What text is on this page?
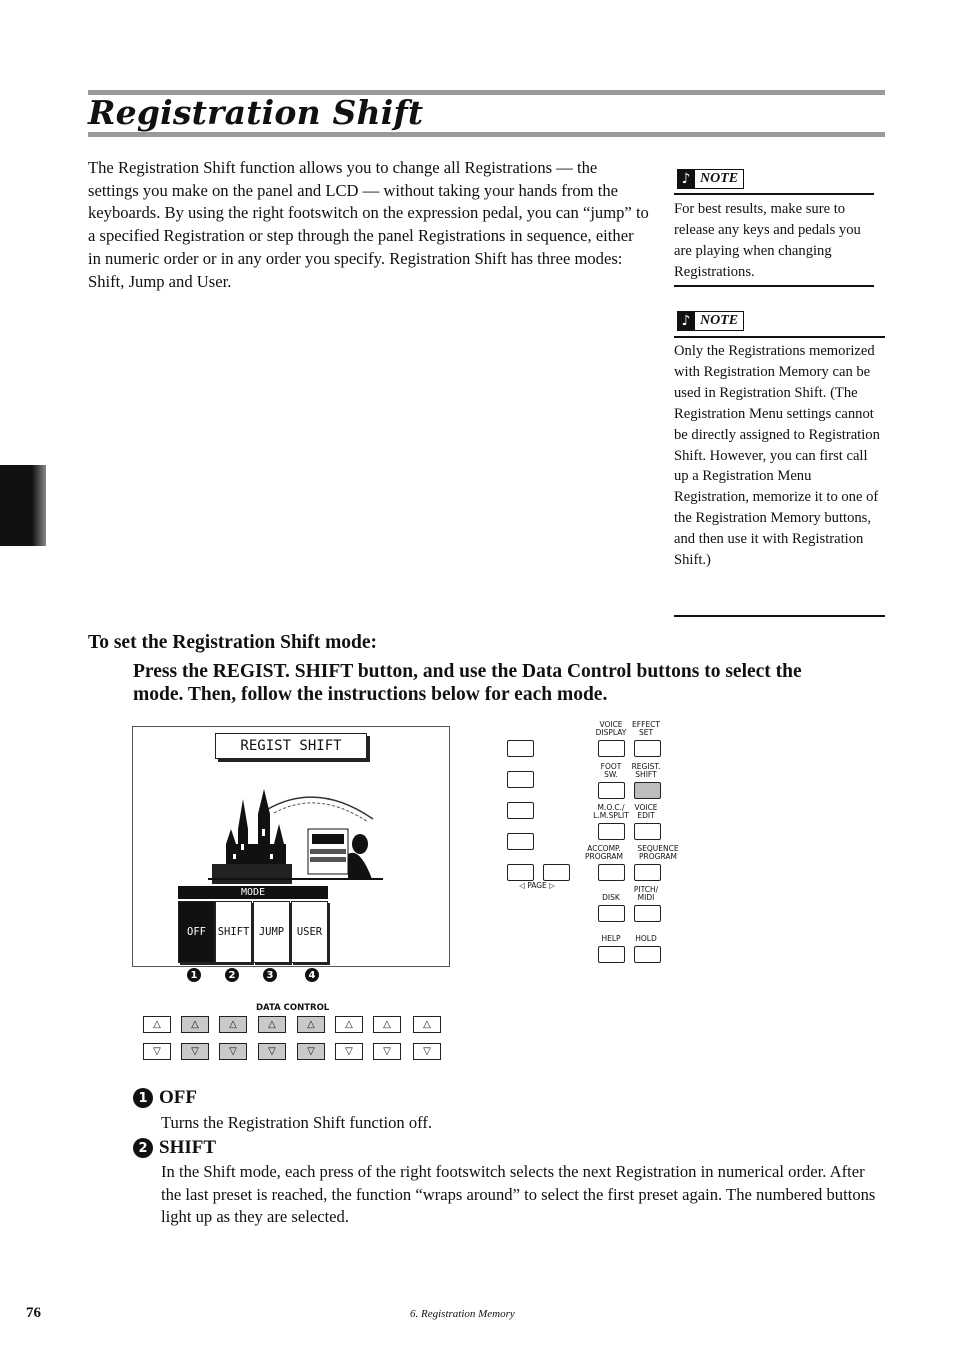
Registration Shift
The Registration Shift function allows you to change all Registrations — the settings you make on the panel and LCD — without taking your hands from the keyboards. By using the right footswitch on the expression pedal, you can “jump” to a specified Registration or step through the panel Registrations in sequence, either in numeric order or in any order you specify. Registration Shift has three modes: Shift, Jump and User.
♪ NOTE
For best results, make sure to release any keys and pedals you are playing when changing Registrations.
♪ NOTE
Only the Registrations memorized with Registration Memory can be used in Registration Shift. (The Registration Menu settings cannot be directly assigned to Registration Shift. However, you can first call up a Registration Menu Registration, memorize it to one of the Registration Memory buttons, and then use it with Registration Shift.)
To set the Registration Shift mode:
Press the REGIST. SHIFT button, and use the Data Control buttons to select the mode. Then, follow the instructions below for each mode.
REGIST SHIFT
MODE
OFF	SHIFT JUMP	USER
1	2	3	4
DATA CONTROL
◁ PAGE ▷
VOICE
DISPLAY
EFFECT
SET
FOOT
SW.
REGIST.
SHIFT
M.O.C./
L.M.SPLIT
VOICE
EDIT
ACCOMP.
PROGRAM
SEQUENCE
PROGRAM
DISK
PITCH/
MIDI
HELP	HOLD
1 OFF
Turns the Registration Shift function off.
2 SHIFT
In the Shift mode, each press of the right footswitch selects the next Registration in numerical order. After the last preset is reached, the function “wraps around” to select the first preset again. The numbered buttons light up as they are selected.
76	6. Registration Memory
△
▽
△
▽
△
▽
△
▽
△
▽
△
▽
△
▽
△
▽
